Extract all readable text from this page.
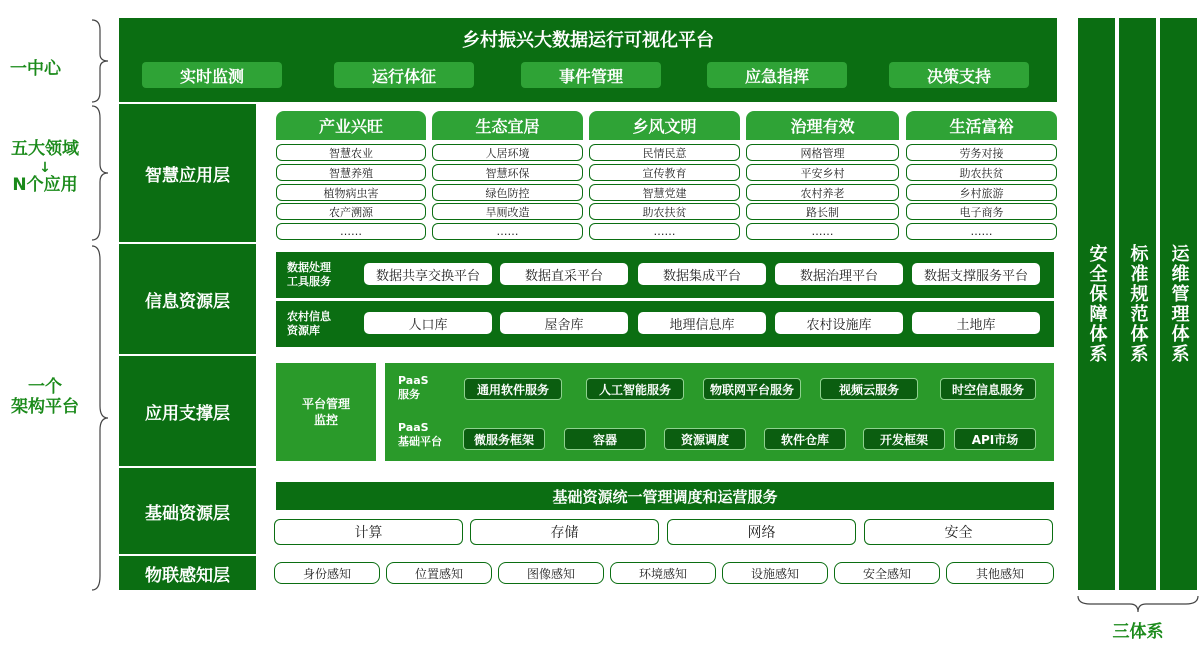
一中心
五大领域
↓
N个应用
一个
架构平台
乡村振兴大数据运行可视化平台
实时监测	运行体征	事件管理	应急指挥	决策支持
智慧应用层
信息资源层
应用支撑层
基础资源层
物联感知层
产业兴旺
智慧农业
智慧养殖
植物病虫害
农产溯源
……
生态宜居
人居环境
智慧环保
绿色防控
旱厕改造
……
乡风文明
民情民意
宣传教育
智慧党建
助农扶贫
……
治理有效
网格管理
平安乡村
农村养老
路长制
……
生活富裕
劳务对接
助农扶贫
乡村旅游
电子商务
……
数据处理
工具服务	数据共享交换平台	数据直采平台	数据集成平台	数据治理平台	数据支撑服务平台
农村信息
资源库	人口库	屋舍库	地理信息库	农村设施库	土地库
平台管理
监控
PaaS
服务	通用软件服务	人工智能服务	物联网平台服务	视频云服务	时空信息服务
PaaS
基础平台	微服务框架	容器	资源调度	软件仓库	开发框架	API市场
基础资源统一管理调度和运营服务
计算	存储	网络	安全
身份感知	位置感知	图像感知	环境感知	设施感知	安全感知	其他感知
安全保障体系 标准规范体系 运维管理体系
三体系
